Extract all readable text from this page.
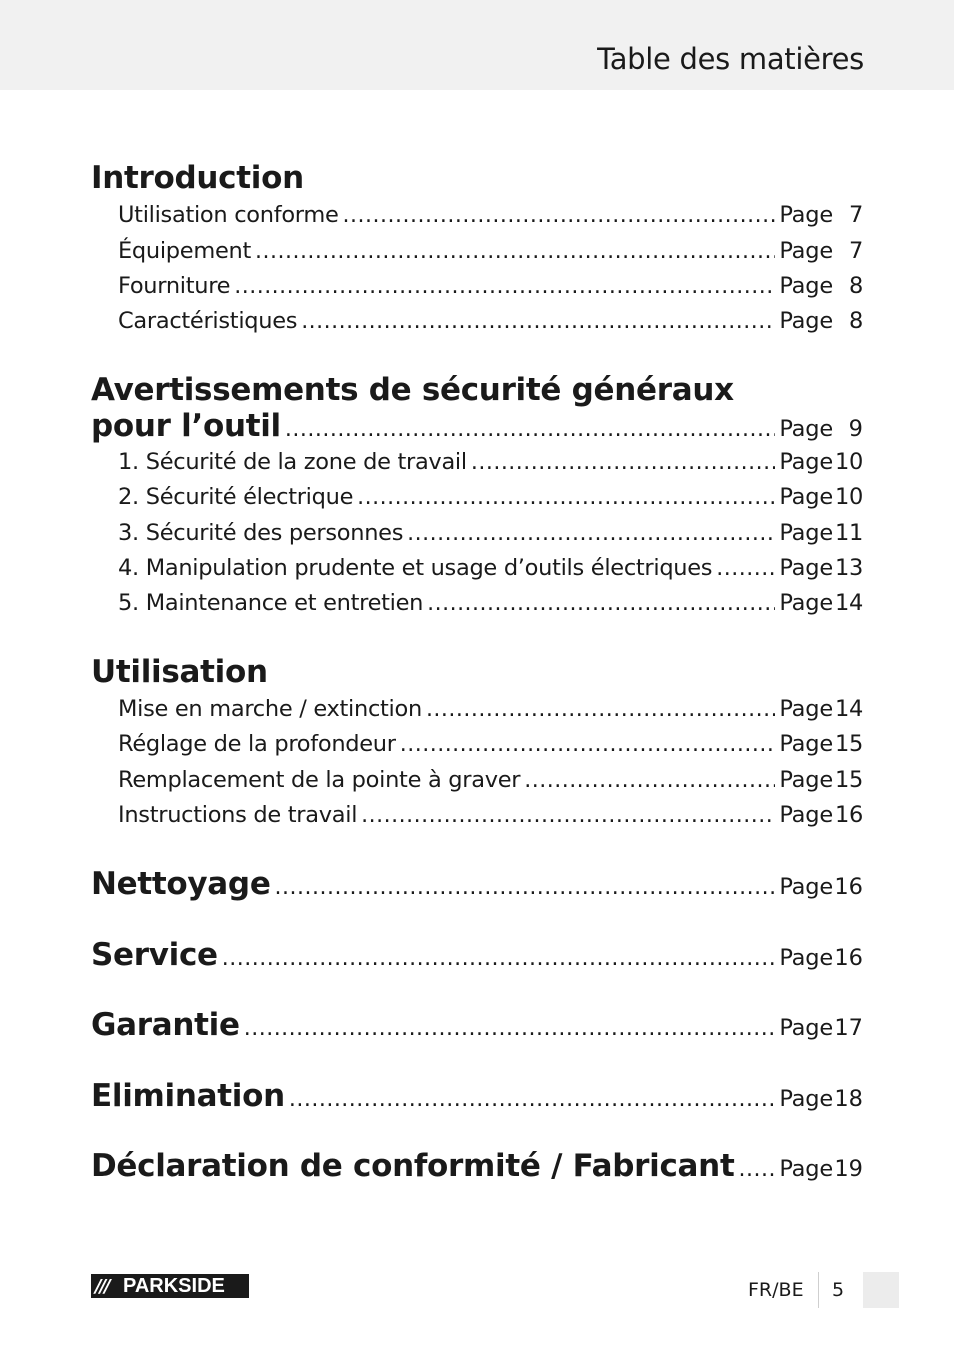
Table des matières
Introduction
Utilisation conforme .....	Page 7
Équipement .....	Page 7
Fourniture .....	Page 8
Caractéristiques .....	Page 8
Avertissements de sécurité généraux
pour l’outil .....	Page 9
1. Sécurité de la zone de travail .....	Page 10
2. Sécurité électrique .....	Page 10
3. Sécurité des personnes .....	Page 11
4. Manipulation prudente et usage d’outils électriques .....	Page 13
5. Maintenance et entretien .....	Page 14
Utilisation
Mise en marche / extinction .....	Page 14
Réglage de la profondeur .....	Page 15
Remplacement de la pointe à graver .....	Page 15
Instructions de travail .....	Page 16
Nettoyage .....	Page 16
Service .....	Page 16
Garantie .....	Page 17
Elimination .....	Page 18
Déclaration de conformité / Fabricant ..... Page 19
/// PARKSIDE	FR/BE 5
